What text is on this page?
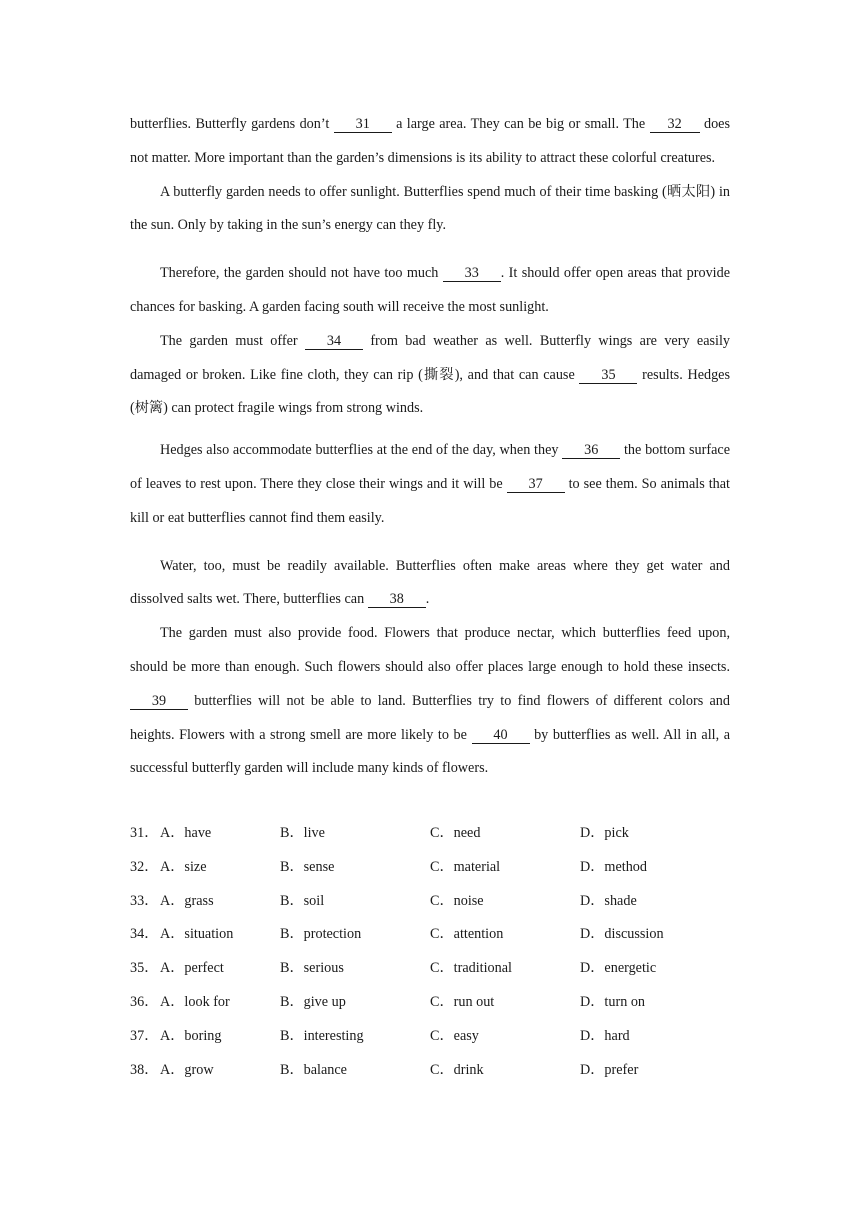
butterflies. Butterfly gardens don’t 31 a large area. They can be big or small. The 32 does not matter. More important than the garden’s dimensions is its ability to attract these colorful creatures.

A butterfly garden needs to offer sunlight. Butterflies spend much of their time basking (晒太阳) in the sun. Only by taking in the sun’s energy can they fly.

Therefore, the garden should not have too much 33 . It should offer open areas that provide chances for basking. A garden facing south will receive the most sunlight.

The garden must offer 34 from bad weather as well. Butterfly wings are very easily damaged or broken. Like fine cloth, they can rip (撕裂), and that can cause 35 results. Hedges (树篱) can protect fragile wings from strong winds.

Hedges also accommodate butterflies at the end of the day, when they 36 the bottom surface of leaves to rest upon. There they close their wings and it will be 37 to see them. So animals that kill or eat butterflies cannot find them easily.

Water, too, must be readily available. Butterflies often make areas where they get water and dissolved salts wet. There, butterflies can 38 .

The garden must also provide food. Flowers that produce nectar, which butterflies feed upon, should be more than enough. Such flowers should also offer places large enough to hold these insects. 39 butterflies will not be able to land. Butterflies try to find flowers of different colors and heights. Flowers with a strong smell are more likely to be 40 by butterflies as well. All in all, a successful butterfly garden will include many kinds of flowers.

31． A．have	B．live	C．need	D．pick
32． A．size	B．sense	C．material	D．method
33． A．grass	B．soil	C．noise	D．shade
34． A．situation	B．protection	C．attention	D．discussion
35． A．perfect	B．serious	C．traditional	D．energetic
36． A．look for	B．give up	C．run out	D．turn on
37． A．boring	B．interesting	C．easy	D．hard
38． A．grow	B．balance	C．drink	D．prefer
